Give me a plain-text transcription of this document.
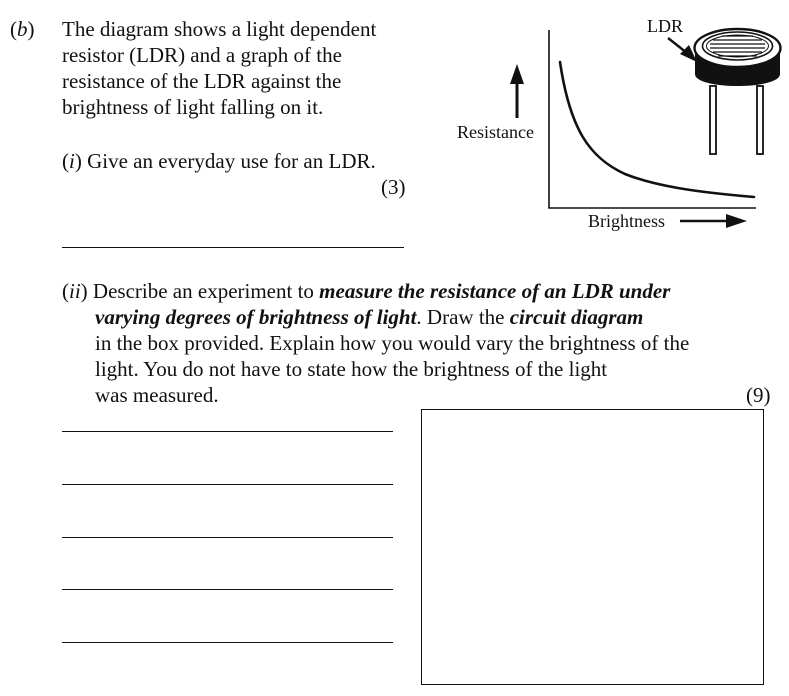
(b) The diagram shows a light dependent
resistor (LDR) and a graph of the
resistance of the LDR against the
brightness of light falling on it.
(i) Give an everyday use for an LDR.
(3)
(ii) Describe an experiment to measure the resistance of an LDR under
varying degrees of brightness of light. Draw the circuit diagram
in the box provided. Explain how you would vary the brightness of the
light. You do not have to state how the brightness of the light
was measured.	(9)
Resistance
Brightness
LDR
